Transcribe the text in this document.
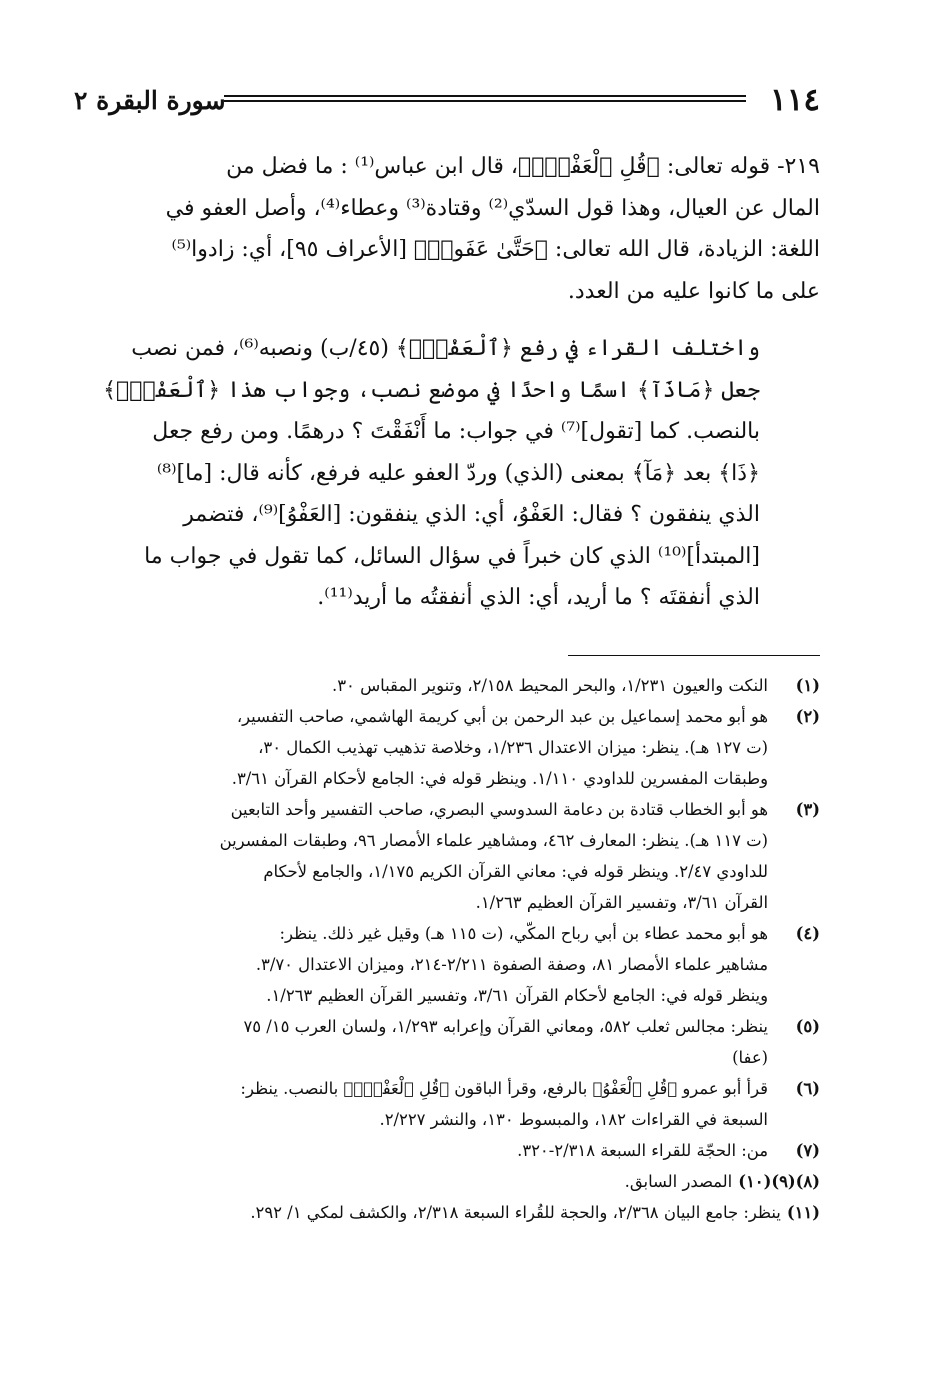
١١٤
سورة البقرة ٢

٢١٩- قوله تعالى: ﴿قُلِ ٱلْعَفْوَۗ﴾، قال ابن عباس⁽¹⁾ : ما فضل من

المال عن العيال، وهذا قول السدّي⁽²⁾ وقتادة⁽³⁾ وعطاء⁽⁴⁾، وأصل العفو في

اللغة: الزيادة، قال الله تعالى: ﴿حَتَّىٰ عَفَوا۟﴾ [الأعراف ٩٥]، أي: زادوا⁽⁵⁾

على ما كانوا عليه من العدد.

واختلف القراء في رفع ﴿ٱلْعَفْوَۗ﴾ (٤٥/ب) ونصبه⁽⁶⁾، فمن نصب

جعل ﴿مَاذَآ﴾ اسمًا واحدًا في موضع نصب، وجواب هذا ﴿ٱلْعَفْوَۗ﴾

بالنصب. كما [تقول]⁽⁷⁾ في جواب: ما أَنْفَقْتَ ؟ درهمًا. ومن رفع جعل

﴿ذَا﴾ بعد ﴿مَآ﴾ بمعنى (الذي) وردّ العفو عليه فرفع، كأنه قال: [ما]⁽⁸⁾

الذي ينفقون ؟ فقال: العَفْوُ، أي: الذي ينفقون: [العَفْوُ]⁽⁹⁾، فتضمر

[المبتدأ]⁽¹⁰⁾ الذي كان خبراً في سؤال السائل، كما تقول في جواب ما

الذي أنفقتَه ؟ ما أريد، أي: الذي أنفقتُه ما أريد⁽¹¹⁾.

(١)
النكت والعيون ١/٢٣١، والبحر المحيط ٢/١٥٨، وتنوير المقباس ٣٠.
(٢)
هو أبو محمد إسماعيل بن عبد الرحمن بن أبي كريمة الهاشمي، صاحب التفسير،
(ت ١٢٧ هـ). ينظر: ميزان الاعتدال ١/٢٣٦، وخلاصة تذهيب تهذيب الكمال ٣٠،
وطبقات المفسرين للداودي ١/١١٠. وينظر قوله في: الجامع لأحكام القرآن ٣/٦١.
(٣)
هو أبو الخطاب قتادة بن دعامة السدوسي البصري، صاحب التفسير وأحد التابعين
(ت ١١٧ هـ). ينظر: المعارف ٤٦٢، ومشاهير علماء الأمصار ٩٦، وطبقات المفسرين
للداودي ٢/٤٧. وينظر قوله في: معاني القرآن الكريم ١/١٧٥، والجامع لأحكام
القرآن ٣/٦١، وتفسير القرآن العظيم ١/٢٦٣.
(٤)
هو أبو محمد عطاء بن أبي رباح المكّي، (ت ١١٥ هـ) وقيل غير ذلك. ينظر:
مشاهير علماء الأمصار ٨١، وصفة الصفوة ٢/٢١١-٢١٤، وميزان الاعتدال ٣/٧٠.
وينظر قوله في: الجامع لأحكام القرآن ٣/٦١، وتفسير القرآن العظيم ١/٢٦٣.
(٥)
ينظر: مجالس ثعلب ٥٨٢، ومعاني القرآن وإعرابه ١/٢٩٣، ولسان العرب ١٥/ ٧٥
(عفا)
(٦)
قرأ أبو عمرو ﴿قُلِ ٱلْعَفْوُ﴾ بالرفع، وقرأ الباقون ﴿قُلِ ٱلْعَفْوَۗ﴾ بالنصب. ينظر:
السبعة في القراءات ١٨٢، والمبسوط ١٣٠، والنشر ٢/٢٢٧.
(٧)
من: الحجّة للقراء السبعة ٢/٣١٨-٣٢٠.
(٨)(٩)(١٠)المصدر السابق.
(١١)ينظر: جامع البيان ٢/٣٦٨، والحجة للقُراء السبعة ٢/٣١٨، والكشف لمكي ١/ ٢٩٢.
